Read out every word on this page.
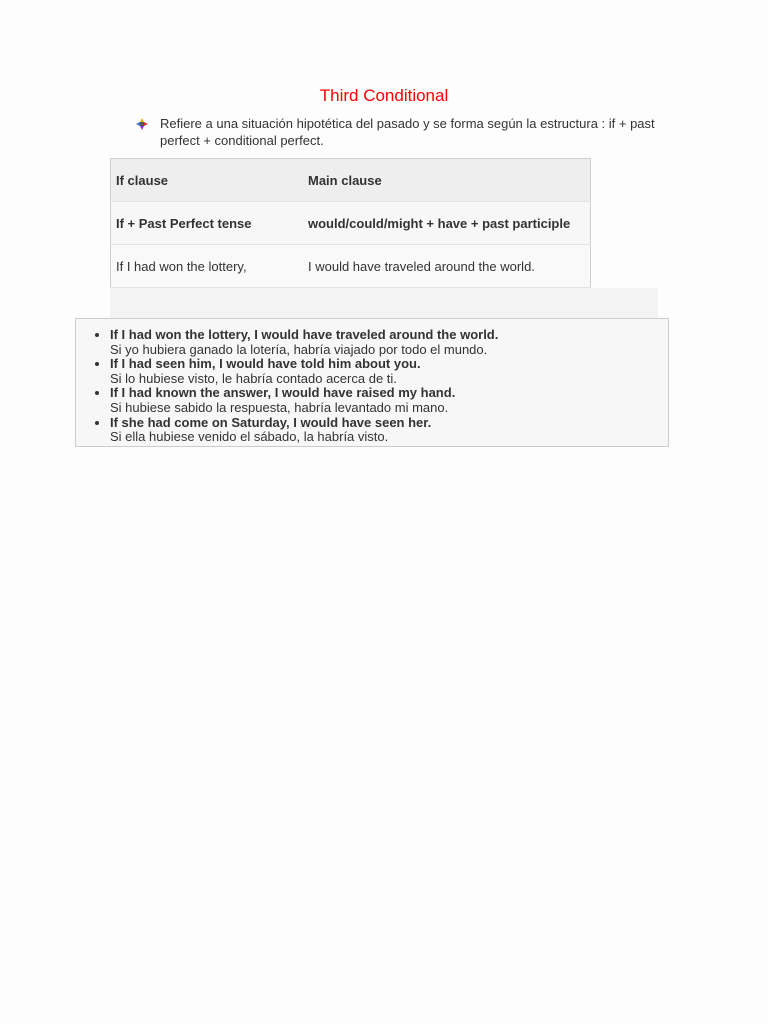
Third Conditional
Refiere a una situación hipotética del pasado y se forma según la estructura : if + past perfect + conditional perfect.
If clause	Main clause
If + Past Perfect tense	would/could/might + have + past participle
If I had won the lottery,	I would have traveled around the world.
• If I had won the lottery, I would have traveled around the world.
Si yo hubiera ganado la lotería, habría viajado por todo el mundo.
• If I had seen him, I would have told him about you.
Si lo hubiese visto, le habría contado acerca de ti.
• If I had known the answer, I would have raised my hand.
Si hubiese sabido la respuesta, habría levantado mi mano.
• If she had come on Saturday, I would have seen her.
Si ella hubiese venido el sábado, la habría visto.
